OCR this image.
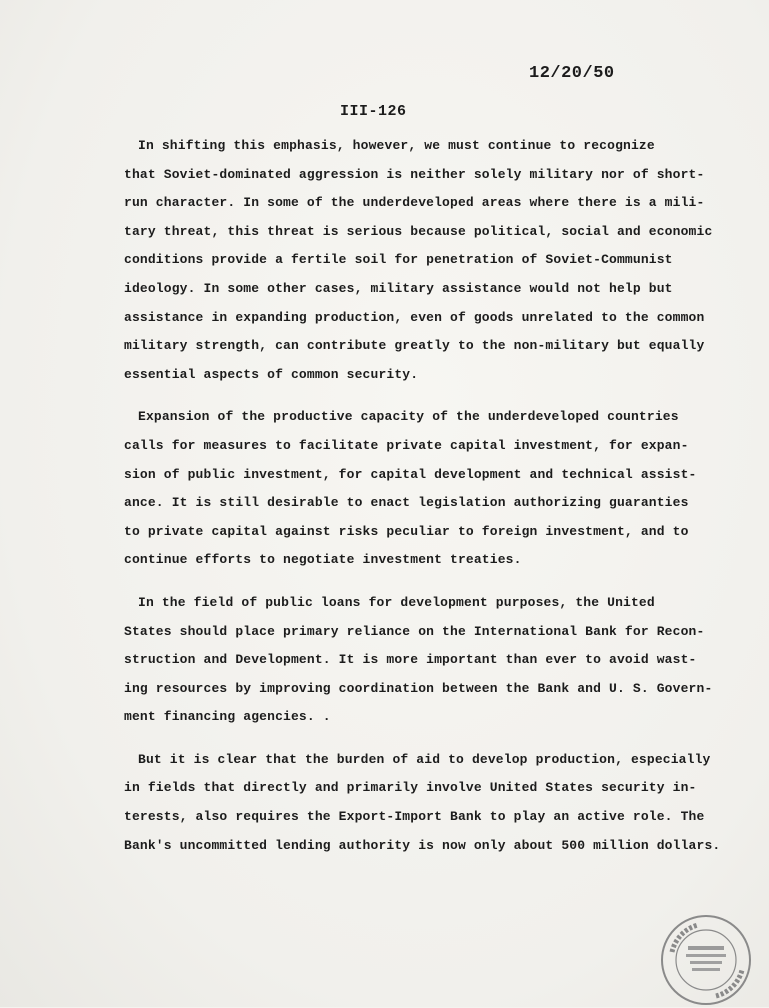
12/20/50
III-126
In shifting this emphasis, however, we must continue to recognize
that Soviet-dominated aggression is neither solely military nor of short-
run character. In some of the underdeveloped areas where there is a mili-
tary threat, this threat is serious because political, social and economic
conditions provide a fertile soil for penetration of Soviet-Communist
ideology. In some other cases, military assistance would not help but
assistance in expanding production, even of goods unrelated to the common
military strength, can contribute greatly to the non-military but equally
essential aspects of common security.
Expansion of the productive capacity of the underdeveloped countries
calls for measures to facilitate private capital investment, for expan-
sion of public investment, for capital development and technical assist-
ance. It is still desirable to enact legislation authorizing guaranties
to private capital against risks peculiar to foreign investment, and to
continue efforts to negotiate investment treaties.
In the field of public loans for development purposes, the United
States should place primary reliance on the International Bank for Recon-
struction and Development. It is more important than ever to avoid wast-
ing resources by improving coordination between the Bank and U. S. Govern-
ment financing agencies. .
But it is clear that the burden of aid to develop production, especially
in fields that directly and primarily involve United States security in-
terests, also requires the Export-Import Bank to play an active role. The
Bank's uncommitted lending authority is now only about 500 million dollars.
